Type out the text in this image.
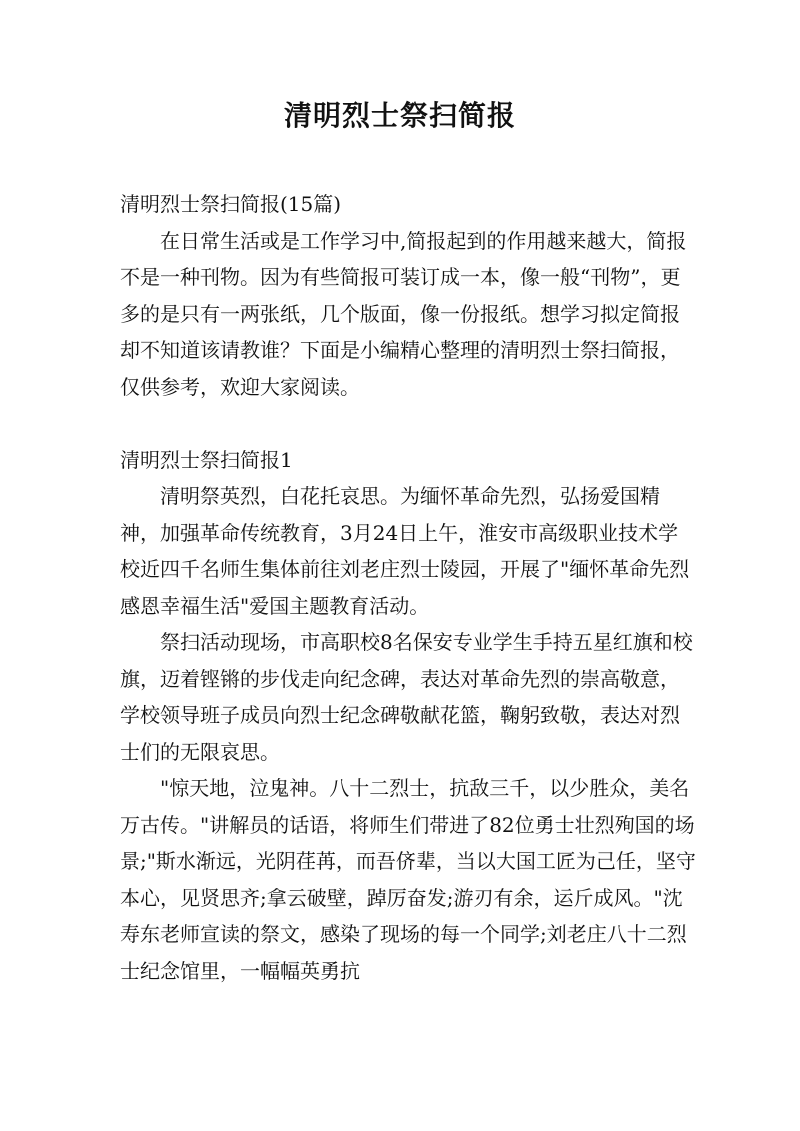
清明烈士祭扫简报

清明烈士祭扫简报(15篇)

在日常生活或是工作学习中,简报起到的作用越来越大，简报不是一种刊物。因为有些简报可装订成一本，像一般“刊物”，更多的是只有一两张纸，几个版面，像一份报纸。想学习拟定简报却不知道该请教谁？下面是小编精心整理的清明烈士祭扫简报，仅供参考，欢迎大家阅读。

清明烈士祭扫简报1

清明祭英烈，白花托哀思。为缅怀革命先烈，弘扬爱国精神，加强革命传统教育，3月24日上午，淮安市高级职业技术学校近四千名师生集体前往刘老庄烈士陵园，开展了"缅怀革命先烈感恩幸福生活"爱国主题教育活动。

祭扫活动现场，市高职校8名保安专业学生手持五星红旗和校旗，迈着铿锵的步伐走向纪念碑，表达对革命先烈的崇高敬意，学校领导班子成员向烈士纪念碑敬献花篮，鞠躬致敬，表达对烈士们的无限哀思。

"惊天地，泣鬼神。八十二烈士，抗敌三千，以少胜众，美名万古传。"讲解员的话语，将师生们带进了82位勇士壮烈殉国的场景;"斯水渐远，光阴荏苒，而吾侪辈，当以大国工匠为己任，坚守本心，见贤思齐;拿云破壁，踔厉奋发;游刃有余，运斤成风。"沈寿东老师宣读的祭文，感染了现场的每一个同学;刘老庄八十二烈士纪念馆里，一幅幅英勇抗
